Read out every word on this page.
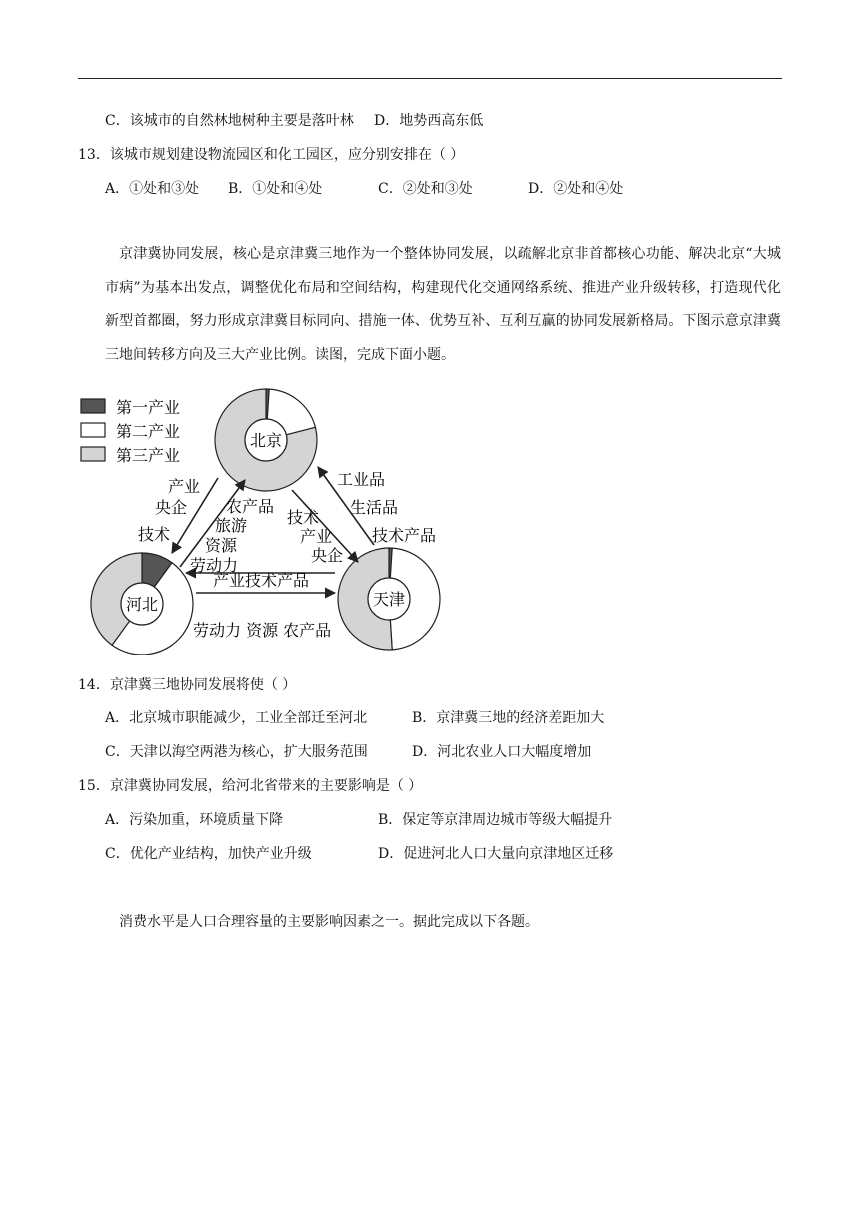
C．该城市的自然林地树种主要是落叶林 D．地势西高东低
13．该城市规划建设物流园区和化工园区，应分别安排在（ ）
A．①处和③处 B．①处和④处	C．②处和③处	D．②处和④处
京津冀协同发展，核心是京津冀三地作为一个整体协同发展，以疏解北京非首都核心功能、解决北京“大城市病”为基本出发点，调整优化布局和空间结构，构建现代化交通网络系统、推进产业升级转移，打造现代化新型首都圈，努力形成京津冀目标同向、措施一体、优势互补、互利互赢的协同发展新格局。下图示意京津冀三地间转移方向及三大产业比例。读图，完成下面小题。
第一产业
第二产业
第三产业
北京
河北	天津
产业
央企
技术
农产品
旅游
资源
劳动力
工业品
生活品
技术产品
技术
产业
央企
产业技术产品
劳动力 资源 农产品
14．京津冀三地协同发展将使（ ）
A．北京城市职能减少，工业全部迁至河北	B．京津冀三地的经济差距加大
C．天津以海空两港为核心，扩大服务范围	D．河北农业人口大幅度增加
15．京津冀协同发展，给河北省带来的主要影响是（ ）
A．污染加重，环境质量下降	B．保定等京津周边城市等级大幅提升
C．优化产业结构，加快产业升级	D．促进河北人口大量向京津地区迁移
消费水平是人口合理容量的主要影响因素之一。据此完成以下各题。
